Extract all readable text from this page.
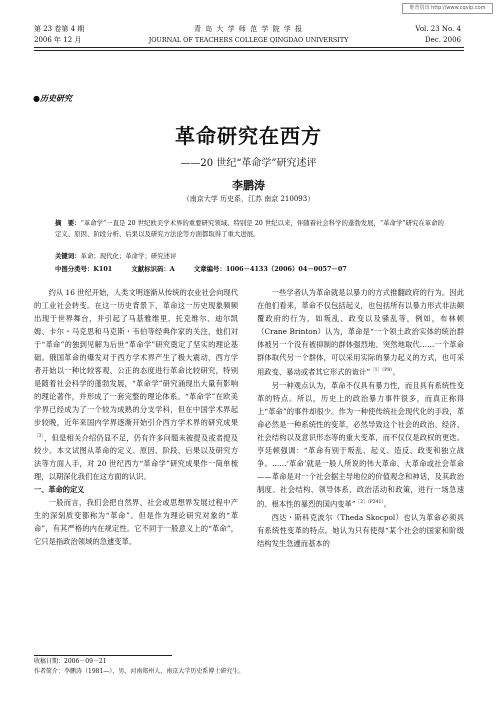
维普资讯 http://www.cqvip.com
第 23 卷第 4 期
2006 年 12 月
青 岛 大 学 师 范 学 院 学 报
JOURNAL OF TEACHERS COLLEGE QINGDAO UNIVERSITY
Vol. 23 No. 4
Dec. 2006
●历史研究
革命研究在西方
——20 世纪“革命学”研究述评
李鹏涛
（南京大学 历史系，江苏 南京 210093）
摘　要：“革命学”一直是 20 世纪欧美学术界的重要研究领域。特别是 20 世纪以来，伴随着社会科学的蓬勃发展，“革命学”研究在革命的定义、原因、阶段分析、后果以及研究方法论等方面都取得了重大进展。
关键词：革命；现代化；革命学；研究述评
中图分类号：K101　　　文献标识码：A　　　文章编号：1006－4133（2006）04－0057－07

约从 16 世纪开始，人类文明逐渐从传统的农业社会向现代的工业社会转变。在这一历史背景下，革命这一历史现象频频出现于世界舞台，并引起了马基雅维里、托克维尔、迪尔凯姆、卡尔・马克思和马克斯・韦伯等经典作家的关注，他们对于“革命”的独到见解为后世“革命学”研究奠定了坚实的理论基础。俄国革命的爆发对于西方学术界产生了极大震动，西方学者开始以一种比较客观、公正的态度进行革命比较研究，特别是随着社会科学的蓬勃发展，“革命学”研究涌现出大量有影响的理论著作，并形成了一套完整的理论体系。“革命学”在欧美学界已经成为了一个较为成熟的分支学科，但在中国学术界起步较晚，近年来国内学界逐渐开始引介西方学术界的研究成果$^{[3]}$，但是相关介绍仍显不足，仍有许多问题未被提及或者提及较少。本文试图从革命的定义、原因、阶段、后果以及研究方法等方面入手，对 20 世纪西方“革命学”研究成果作一简单梳理，以期深化我们在这方面的认识。

一、革命的定义

一般而言，我们会把自然界、社会或思想界发展过程中产生的深刻质变都称为“革命”。但是作为理论研究对象的“革命”，有其严格的内在规定性。它不同于一般意义上的“革命”，它只是指政治领域的急遽变革。

一些学者认为革命就是以暴力的方式推翻政府的行为。因此在他们看来，革命不仅包括起义，也包括所有以暴力形式非法颠覆政府的行为，如叛乱、政变以及骚乱等，例如，布林顿（Crane Brinton）认为，革命是“一个领土政治实体的统治群体被另一个没有被抑制的群体强烈地、突然地取代……一个革命群体取代另一个群体，可以采用实际的暴力起义的方式，也可采用政变、暴动或者其它形式的诡计”$^{[1](P8)}$。

另一种观点认为，革命不仅具有暴力性，而且具有系统性变革的特点。所以，历史上的政治暴力事件很多，而真正称得上“革命”的事件却很少。作为一种使传统社会现代化的手段，革命必然是一种系统性的变革，必然导致这个社会的政治、经济、社会结构以及意识形态等的重大变革，而不仅仅是政权的更迭。亨廷顿强调：“革命有别于叛乱、起义、造反、政变和独立战争。……‘革命’就是一般人所说的伟大革命、大革命或社会革命——革命是对一个社会据主导地位的价值观念和神话，及其政治制度、社会结构、领导体系、政治活动和政策，进行一场急速的、根本性的暴烈的国内变革”$^{[2](P241)}$。

西达・斯科克波尔（Theda Skocpol）也认为革命必须具有系统性变革的特点。她认为只有使得“某个社会的国家和阶级结构发生急遽而基本的

收稿日期：2006－09－21
作者简介：李鹏涛（1981—），男，河南郑州人，南京大学历史系博士研究生。
